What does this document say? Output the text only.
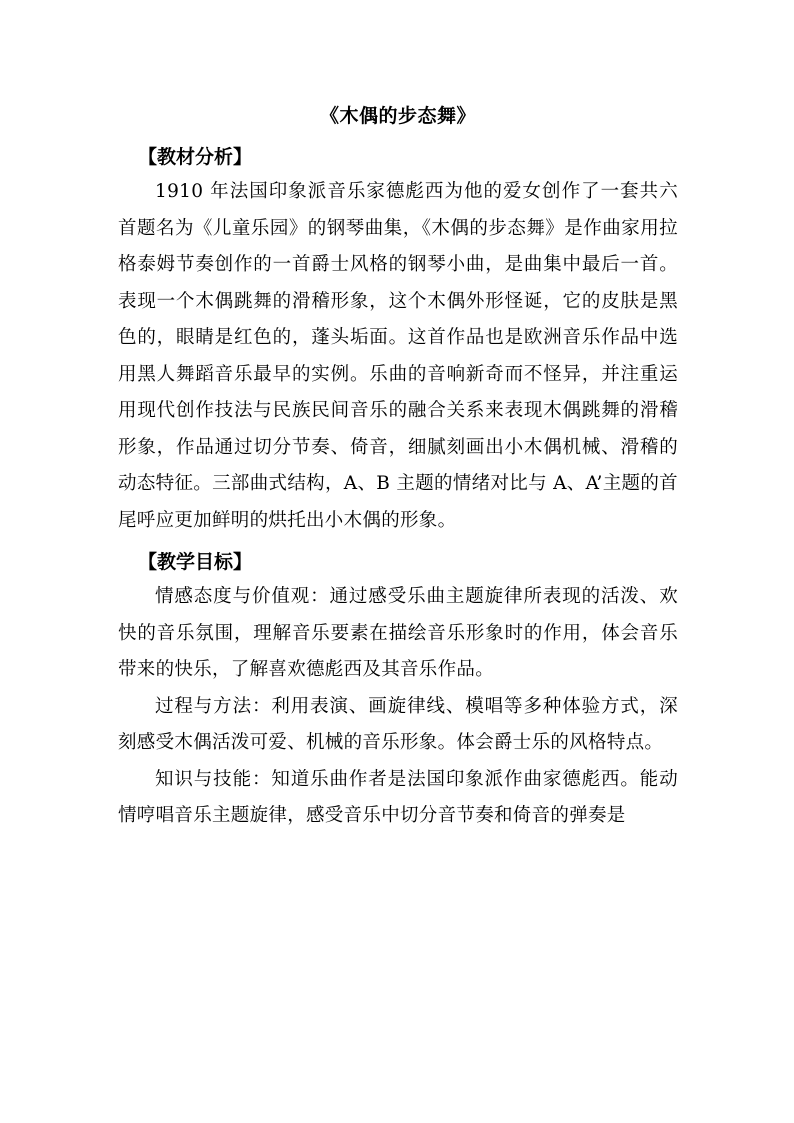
《木偶的步态舞》
【教材分析】

1910 年法国印象派音乐家德彪西为他的爱女创作了一套共六首题名为《儿童乐园》的钢琴曲集，《木偶的步态舞》是作曲家用拉格泰姆节奏创作的一首爵士风格的钢琴小曲，是曲集中最后一首。表现一个木偶跳舞的滑稽形象，这个木偶外形怪诞，它的皮肤是黑色的，眼睛是红色的，蓬头垢面。这首作品也是欧洲音乐作品中选用黑人舞蹈音乐最早的实例。乐曲的音响新奇而不怪异，并注重运用现代创作技法与民族民间音乐的融合关系来表现木偶跳舞的滑稽形象，作品通过切分节奏、倚音，细腻刻画出小木偶机械、滑稽的动态特征。三部曲式结构，A、B 主题的情绪对比与 A、A’主题的首尾呼应更加鲜明的烘托出小木偶的形象。

【教学目标】

情感态度与价值观：通过感受乐曲主题旋律所表现的活泼、欢快的音乐氛围，理解音乐要素在描绘音乐形象时的作用，体会音乐带来的快乐，了解喜欢德彪西及其音乐作品。

过程与方法：利用表演、画旋律线、模唱等多种体验方式，深刻感受木偶活泼可爱、机械的音乐形象。体会爵士乐的风格特点。

知识与技能：知道乐曲作者是法国印象派作曲家德彪西。能动情哼唱音乐主题旋律，感受音乐中切分音节奏和倚音的弹奏是
